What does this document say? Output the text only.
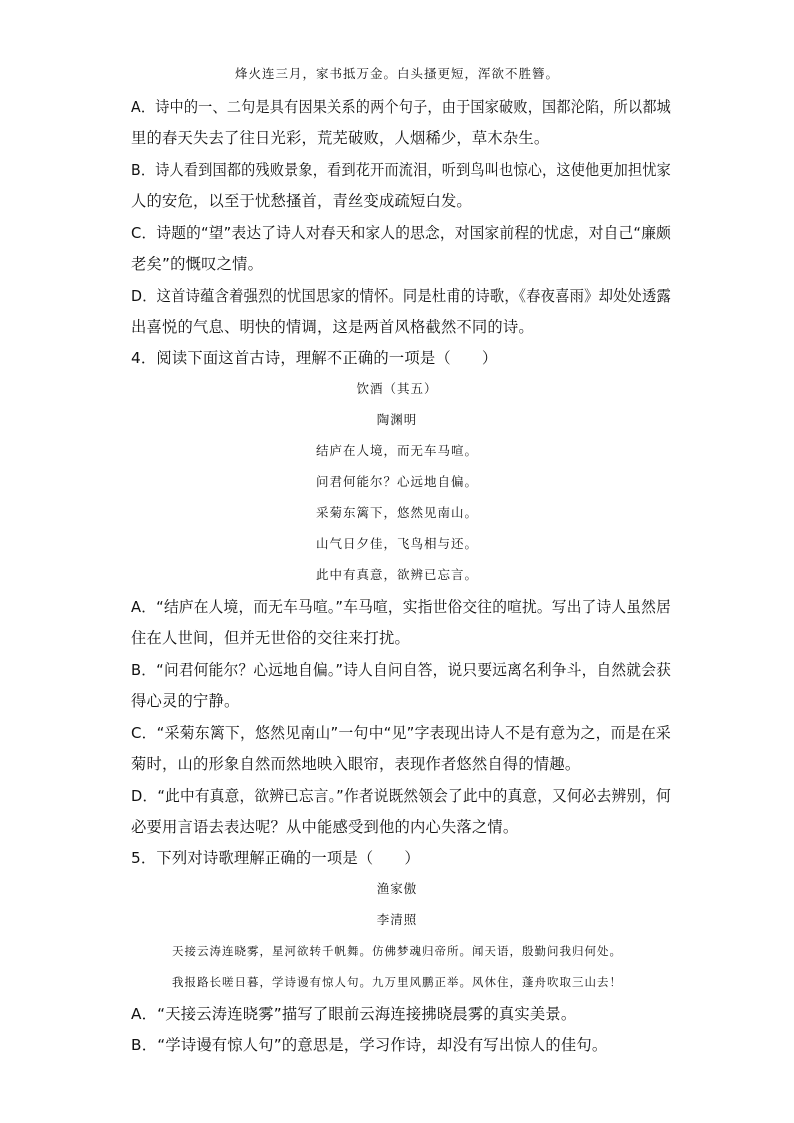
烽火连三月，家书抵万金。白头搔更短，浑欲不胜簪。
A．诗中的一、二句是具有因果关系的两个句子，由于国家破败，国都沦陷，所以都城
里的春天失去了往日光彩，荒芜破败，人烟稀少，草木杂生。
B．诗人看到国都的残败景象，看到花开而流泪，听到鸟叫也惊心，这使他更加担忧家
人的安危，以至于忧愁搔首，青丝变成疏短白发。
C．诗题的“望”表达了诗人对春天和家人的思念，对国家前程的忧虑，对自己“廉颇
老矣”的慨叹之情。
D．这首诗蕴含着强烈的忧国思家的情怀。同是杜甫的诗歌，《春夜喜雨》却处处透露
出喜悦的气息、明快的情调，这是两首风格截然不同的诗。
4．阅读下面这首古诗，理解不正确的一项是（　　）
饮酒（其五）
陶渊明
结庐在人境，而无车马喧。
问君何能尔？心远地自偏。
采菊东篱下，悠然见南山。
山气日夕佳，飞鸟相与还。
此中有真意，欲辨已忘言。
A．“结庐在人境，而无车马喧。”车马喧，实指世俗交往的喧扰。写出了诗人虽然居
住在人世间，但并无世俗的交往来打扰。
B．“问君何能尔？心远地自偏。”诗人自问自答，说只要远离名利争斗，自然就会获
得心灵的宁静。
C．“采菊东篱下，悠然见南山”一句中“见”字表现出诗人不是有意为之，而是在采
菊时，山的形象自然而然地映入眼帘，表现作者悠然自得的情趣。
D．“此中有真意，欲辨已忘言。”作者说既然领会了此中的真意，又何必去辨别，何
必要用言语去表达呢？从中能感受到他的内心失落之情。
5．下列对诗歌理解正确的一项是（　　）
渔家傲
李清照
天接云涛连晓雾，星河欲转千帆舞。仿佛梦魂归帝所。闻天语，殷勤问我归何处。
我报路长嗟日暮，学诗谩有惊人句。九万里风鹏正举。风休住，蓬舟吹取三山去！
A．“天接云涛连晓雾”描写了眼前云海连接拂晓晨雾的真实美景。
B．“学诗谩有惊人句”的意思是，学习作诗，却没有写出惊人的佳句。
